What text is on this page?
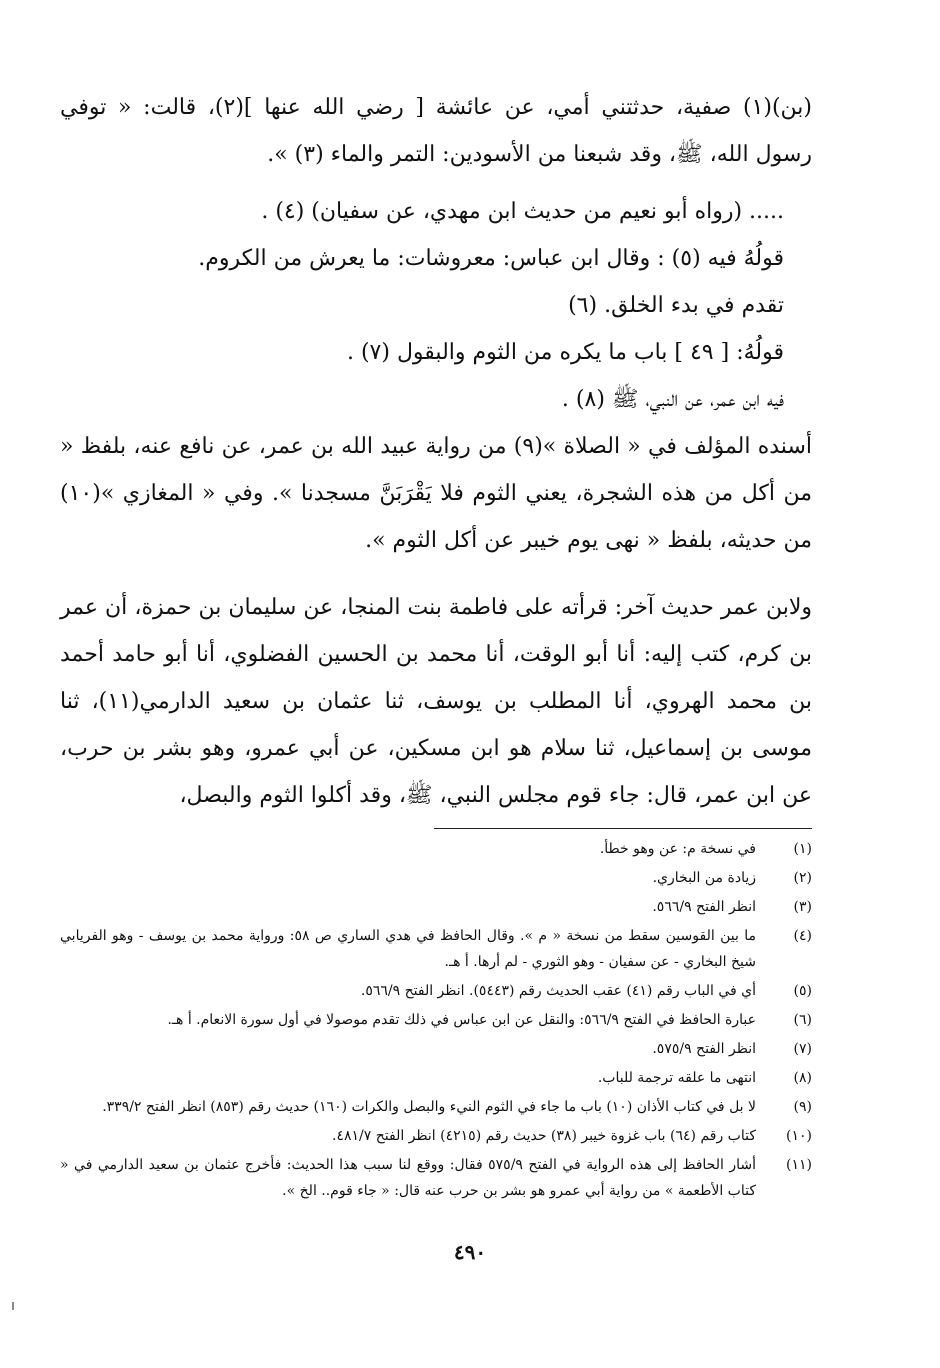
(بن)(١) صفية، حدثتني أمي، عن عائشة [ رضي الله عنها ](٢)، قالت: « توفي رسول الله، ﷺ، وقد شبعنا من الأسودين: التمر والماء (٣) ».

..... (رواه أبو نعيم من حديث ابن مهدي، عن سفيان) (٤) .

قولُهُ فيه (٥) : وقال ابن عباس: معروشات: ما يعرش من الكروم.

تقدم في بدء الخلق. (٦)

قولُهُ: [ ٤٩ ] باب ما يكره من الثوم والبقول (٧) .

فيه ابن عمر، عن النبي، ﷺ (٨) .

أسنده المؤلف في « الصلاة »(٩) من رواية عبيد الله بن عمر، عن نافع عنه، بلفظ « من أكل من هذه الشجرة، يعني الثوم فلا يَقْرَبَنَّ مسجدنا ». وفي « المغازي »(١٠) من حديثه، بلفظ « نهى يوم خيبر عن أكل الثوم ».

ولابن عمر حديث آخر: قرأته على فاطمة بنت المنجا، عن سليمان بن حمزة، أن عمر بن كرم، كتب إليه: أنا أبو الوقت، أنا محمد بن الحسين الفضلوي، أنا أبو حامد أحمد بن محمد الهروي، أنا المطلب بن يوسف، ثنا عثمان بن سعيد الدارمي(١١)، ثنا موسى بن إسماعيل، ثنا سلام هو ابن مسكين، عن أبي عمرو، وهو بشر بن حرب، عن ابن عمر، قال: جاء قوم مجلس النبي، ﷺ، وقد أكلوا الثوم والبصل،

(١)
في نسخة م: عن وهو خطأ.
(٢)
زيادة من البخاري.
(٣)
انظر الفتح ٥٦٦/٩.
(٤)
ما بين القوسين سقط من نسخة « م ». وقال الحافظ في هدي الساري ص ٥٨: ورواية محمد بن يوسف - وهو الفريابي شيخ البخاري - عن سفيان - وهو الثوري - لم أرها. أ هـ.
(٥)
أي في الباب رقم (٤١) عقب الحديث رقم (٥٤٤٣). انظر الفتح ٥٦٦/٩.
(٦)
عبارة الحافظ في الفتح ٥٦٦/٩: والنقل عن ابن عباس في ذلك تقدم موصولا في أول سورة الانعام. أ هـ.
(٧)
انظر الفتح ٥٧٥/٩.
(٨)
انتهى ما علقه ترجمة للباب.
(٩)
لا بل في كتاب الأذان (١٠) باب ما جاء في الثوم النيء والبصل والكرات (١٦٠) حديث رقم (٨٥٣) انظر الفتح ٣٣٩/٢.
(١٠)
كتاب رقم (٦٤) باب غزوة خيبر (٣٨) حديث رقم (٤٢١٥) انظر الفتح ٤٨١/٧.
(١١)
أشار الحافظ إلى هذه الرواية في الفتح ٥٧٥/٩ فقال: ووقع لنا سبب هذا الحديث: فأخرج عثمان بن سعيد الدارمي في « كتاب الأطعمة » من رواية أبي عمرو هو بشر بن حرب عنه قال: « جاء قوم.. الخ ».
٤٩٠
